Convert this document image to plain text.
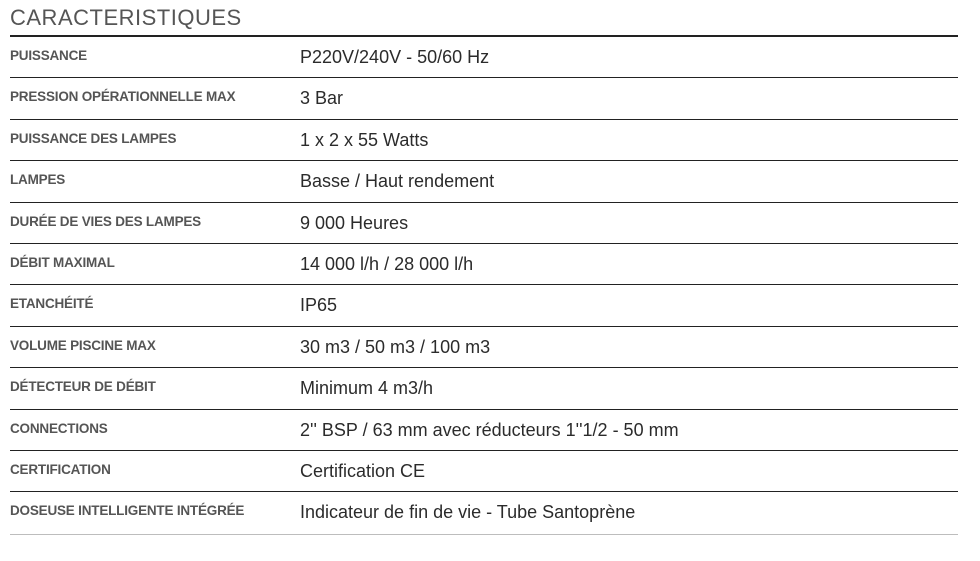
CARACTERISTIQUES
PUISSANCE	P220V/240V - 50/60 Hz
PRESSION OPÉRATIONNELLE MAX	3 Bar
PUISSANCE DES LAMPES	1 x 2 x 55 Watts
LAMPES	Basse / Haut rendement
DURÉE DE VIES DES LAMPES	9 000 Heures
DÉBIT MAXIMAL	14 000 l/h / 28 000 l/h
ETANCHÉITÉ	IP65
VOLUME PISCINE MAX	30 m3 / 50 m3 / 100 m3
DÉTECTEUR DE DÉBIT	Minimum 4 m3/h
CONNECTIONS	2'' BSP / 63 mm avec réducteurs 1''1/2 - 50 mm
CERTIFICATION	Certification CE
DOSEUSE INTELLIGENTE INTÉGRÉE	Indicateur de fin de vie - Tube Santoprène
